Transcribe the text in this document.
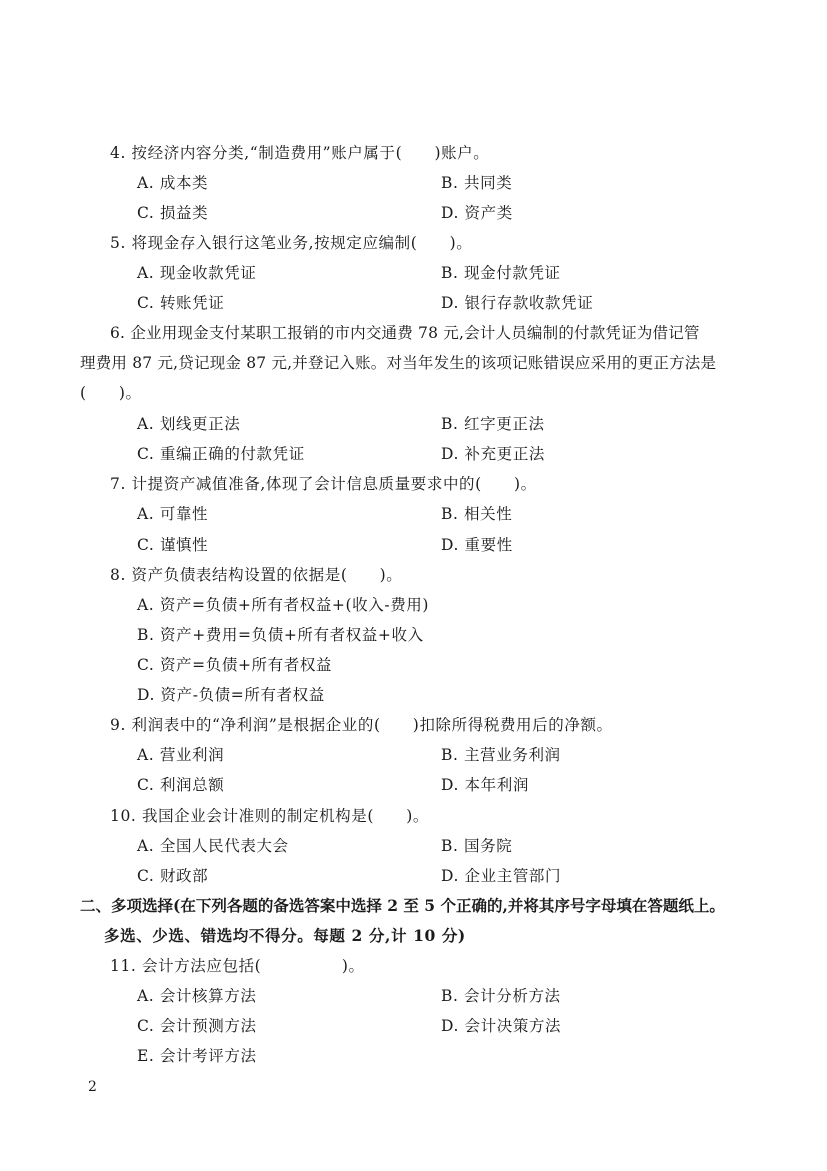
4. 按经济内容分类,“制造费用”账户属于(　　)账户。
A. 成本类	B. 共同类
C. 损益类	D. 资产类
5. 将现金存入银行这笔业务,按规定应编制(　　)。
A. 现金收款凭证	B. 现金付款凭证
C. 转账凭证	D. 银行存款收款凭证
6. 企业用现金支付某职工报销的市内交通费 78 元,会计人员编制的付款凭证为借记管
理费用 87 元,贷记现金 87 元,并登记入账。对当年发生的该项记账错误应采用的更正方法是
(　　)。
A. 划线更正法	B. 红字更正法
C. 重编正确的付款凭证	D. 补充更正法
7. 计提资产减值准备,体现了会计信息质量要求中的(　　)。
A. 可靠性	B. 相关性
C. 谨慎性	D. 重要性
8. 资产负债表结构设置的依据是(　　)。
A. 资产=负债+所有者权益+(收入-费用)
B. 资产+费用=负债+所有者权益+收入
C. 资产=负债+所有者权益
D. 资产-负债=所有者权益
9. 利润表中的“净利润”是根据企业的(　　)扣除所得税费用后的净额。
A. 营业利润	B. 主营业务利润
C. 利润总额	D. 本年利润
10. 我国企业会计准则的制定机构是(　　)。
A. 全国人民代表大会	B. 国务院
C. 财政部	D. 企业主管部门
二、多项选择(在下列各题的备选答案中选择 2 至 5 个正确的,并将其序号字母填在答题纸上。
多选、少选、错选均不得分。每题 2 分,计 10 分)
11. 会计方法应包括(　　　　　)。
A. 会计核算方法	B. 会计分析方法
C. 会计预测方法	D. 会计决策方法
E. 会计考评方法
2
